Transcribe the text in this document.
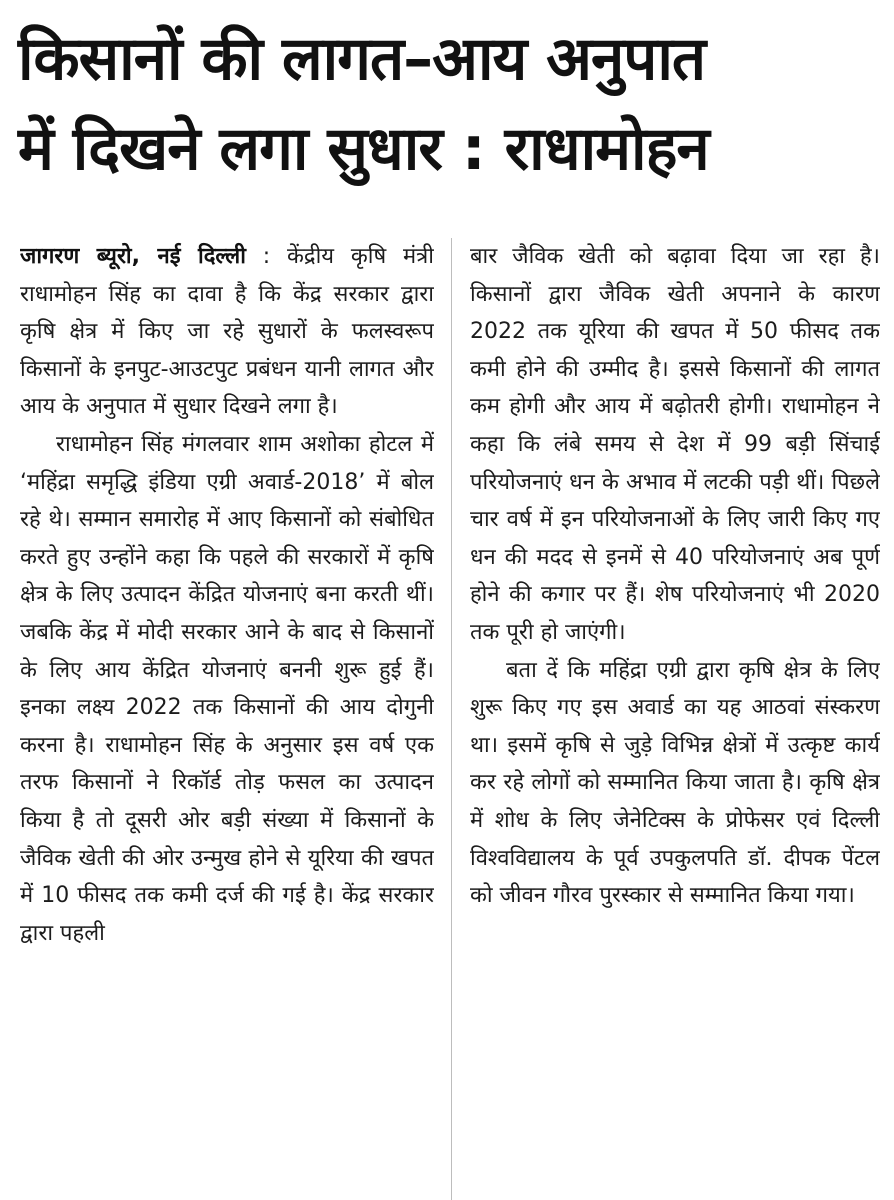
किसानों की लागत–आय अनुपात
में दिखने लगा सुधार : राधामोहन

जागरण ब्यूरो, नई दिल्ली : केंद्रीय कृषि मंत्री राधामोहन सिंह का दावा है कि केंद्र सरकार द्वारा कृषि क्षेत्र में किए जा रहे सुधारों के फलस्वरूप किसानों के इनपुट-आउटपुट प्रबंधन यानी लागत और आय के अनुपात में सुधार दिखने लगा है।

राधामोहन सिंह मंगलवार शाम अशोका होटल में ‘महिंद्रा समृद्धि इंडिया एग्री अवार्ड-2018’ में बोल रहे थे। सम्मान समारोह में आए किसानों को संबोधित करते हुए उन्होंने कहा कि पहले की सरकारों में कृषि क्षेत्र के लिए उत्पादन केंद्रित योजनाएं बना करती थीं। जबकि केंद्र में मोदी सरकार आने के बाद से किसानों के लिए आय केंद्रित योजनाएं बननी शुरू हुई हैं। इनका लक्ष्य 2022 तक किसानों की आय दोगुनी करना है। राधामोहन सिंह के अनुसार इस वर्ष एक तरफ किसानों ने रिकॉर्ड तोड़ फसल का उत्पादन किया है तो दूसरी ओर बड़ी संख्या में किसानों के जैविक खेती की ओर उन्मुख होने से यूरिया की खपत में 10 फीसद तक कमी दर्ज की गई है। केंद्र सरकार द्वारा पहली

बार जैविक खेती को बढ़ावा दिया जा रहा है। किसानों द्वारा जैविक खेती अपनाने के कारण 2022 तक यूरिया की खपत में 50 फीसद तक कमी होने की उम्मीद है। इससे किसानों की लागत कम होगी और आय में बढ़ोतरी होगी। राधामोहन ने कहा कि लंबे समय से देश में 99 बड़ी सिंचाई परियोजनाएं धन के अभाव में लटकी पड़ी थीं। पिछले चार वर्ष में इन परियोजनाओं के लिए जारी किए गए धन की मदद से इनमें से 40 परियोजनाएं अब पूर्ण होने की कगार पर हैं। शेष परियोजनाएं भी 2020 तक पूरी हो जाएंगी।

बता दें कि महिंद्रा एग्री द्वारा कृषि क्षेत्र के लिए शुरू किए गए इस अवार्ड का यह आठवां संस्करण था। इसमें कृषि से जुड़े विभिन्न क्षेत्रों में उत्कृष्ट कार्य कर रहे लोगों को सम्मानित किया जाता है। कृषि क्षेत्र में शोध के लिए जेनेटिक्स के प्रोफेसर एवं दिल्ली विश्वविद्यालय के पूर्व उपकुलपति डॉ. दीपक पेंटल को जीवन गौरव पुरस्कार से सम्मानित किया गया।
